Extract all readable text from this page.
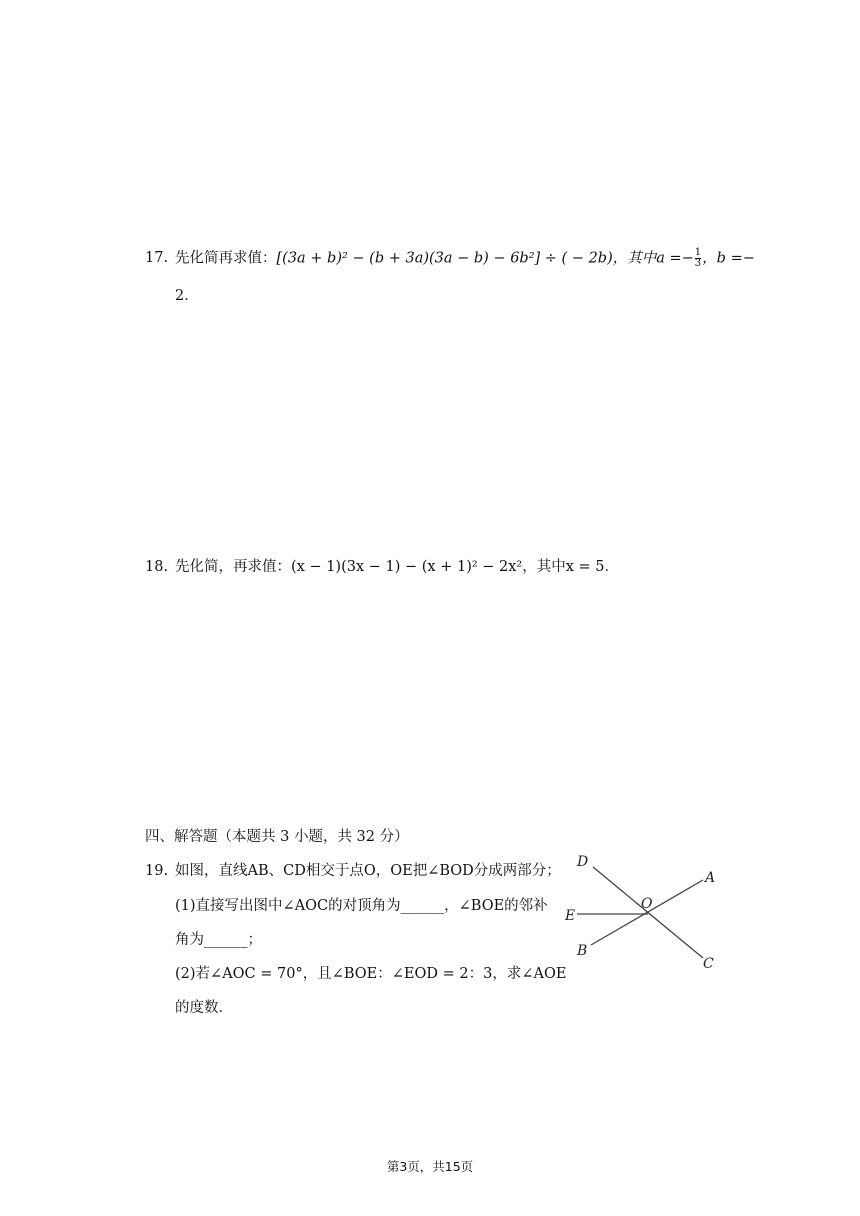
17. 先化简再求值：[(3a + b)² − (b + 3a)(3a − b) − 6b²] ÷ ( − 2b)，其中$a =- \frac{1}{3}$ ，b =−
2．
18. 先化简，再求值：(x − 1)(3x − 1) − (x + 1)² − 2x²，其中x = 5．
四、解答题（本题共 3 小题，共 32 分）
19. 如图，直线AB、CD相交于点O，OE把∠BOD分成两部分；
(1)直接写出图中∠AOC的对顶角为______，∠BOE的邻补
角为______；
(2)若∠AOC = 70°，且∠BOE：∠EOD = 2：3，求∠AOE
的度数．
D
A
O
E
B
C
第3页，共15页
